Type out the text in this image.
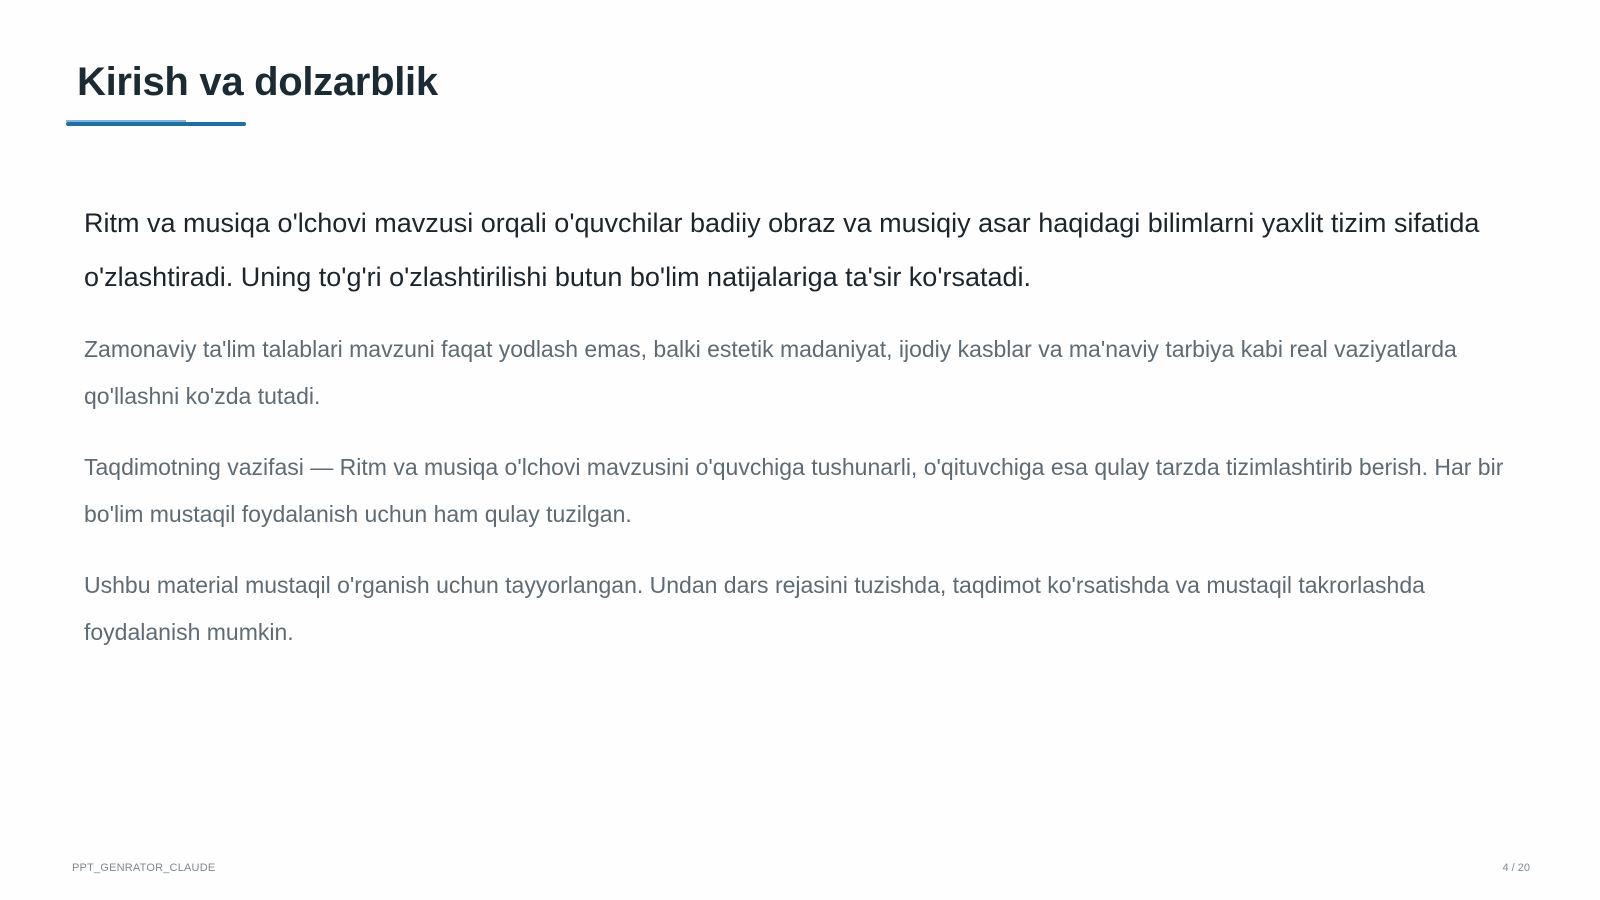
Kirish va dolzarblik

Ritm va musiqa o'lchovi mavzusi orqali o'quvchilar badiiy obraz va musiqiy asar haqidagi bilimlarni yaxlit tizim sifatida o'zlashtiradi. Uning to'g'ri o'zlashtirilishi butun bo'lim natijalariga ta'sir ko'rsatadi.

Zamonaviy ta'lim talablari mavzuni faqat yodlash emas, balki estetik madaniyat, ijodiy kasblar va ma'naviy tarbiya kabi real vaziyatlarda qo'llashni ko'zda tutadi.

Taqdimotning vazifasi — Ritm va musiqa o'lchovi mavzusini o'quvchiga tushunarli, o'qituvchiga esa qulay tarzda tizimlashtirib berish. Har bir bo'lim mustaqil foydalanish uchun ham qulay tuzilgan.

Ushbu material mustaqil o'rganish uchun tayyorlangan. Undan dars rejasini tuzishda, taqdimot ko'rsatishda va mustaqil takrorlashda foydalanish mumkin.

PPT_GENRATOR_CLAUDE	4 / 20
